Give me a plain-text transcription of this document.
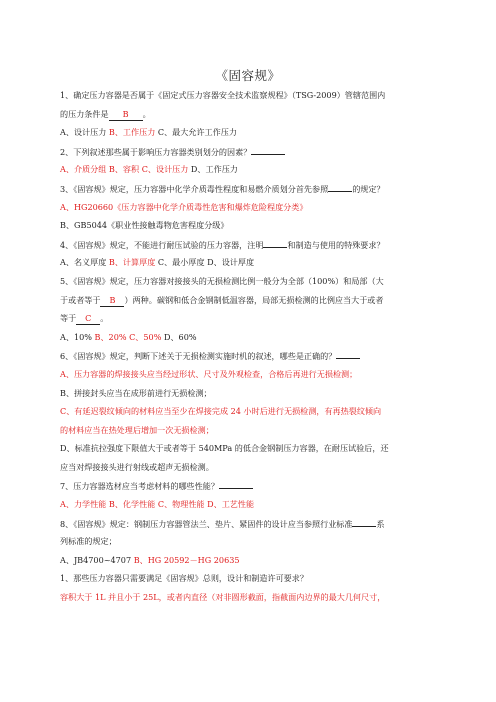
《固容规》
1、确定压力容器是否属于《固定式压力容器安全技术监察规程》（TSG-2009）管辖范围内
的压力条件是 B 。
A、设计压力 B、工作压力 C、最大允许工作压力
2、下列叙述那些属于影响压力容器类别划分的因素？
A、介质分组 B、容积 C、设计压力 D、工作压力
3、《固容规》规定，压力容器中化学介质毒性程度和易燃介质划分首先参照	的规定？
A、HG20660《压力容器中化学介质毒性危害和爆炸危险程度分类》
B、GB5044《职业性接触毒物危害程度分级》
4、《固容规》规定，不能进行耐压试验的压力容器，注明	和制造与使用的特殊要求？
A、名义厚度 B、计算厚度 C、最小厚度 D、设计厚度
5、《固容规》规定，压力容器对接接头的无损检测比例一般分为全部（100%）和局部（大
于或者等于 B ）两种。碳钢和低合金钢制低温容器，局部无损检测的比例应当大于或者
等于 C 。
A、10% B、20% C、50% D、60%
6、《固容规》规定，判断下述关于无损检测实施时机的叙述，哪些是正确的？
A、压力容器的焊接接头应当经过形状、尺寸及外观检查，合格后再进行无损检测；
B、拼接封头应当在成形前进行无损检测；
C、有延迟裂纹倾向的材料应当至少在焊接完成 24 小时后进行无损检测，有再热裂纹倾向
的材料应当在热处理后增加一次无损检测；
D、标准抗拉强度下限值大于或者等于 540MPa 的低合金钢制压力容器，在耐压试验后，还
应当对焊接接头进行射线或超声无损检测。
7、压力容器选材应当考虑材料的哪些性能？
A、力学性能 B、化学性能 C、物理性能 D、工艺性能
8、《固容规》规定：钢制压力容器管法兰、垫片、紧固件的设计应当参照行业标准	系
列标准的规定；
A、JB4700~4707 B、HG 20592－HG 20635
1、那些压力容器只需要满足《固容规》总则，设计和制造许可要求？
容积大于 1L 并且小于 25L，或者内直径（对非圆形截面，指截面内边界的最大几何尺寸，
